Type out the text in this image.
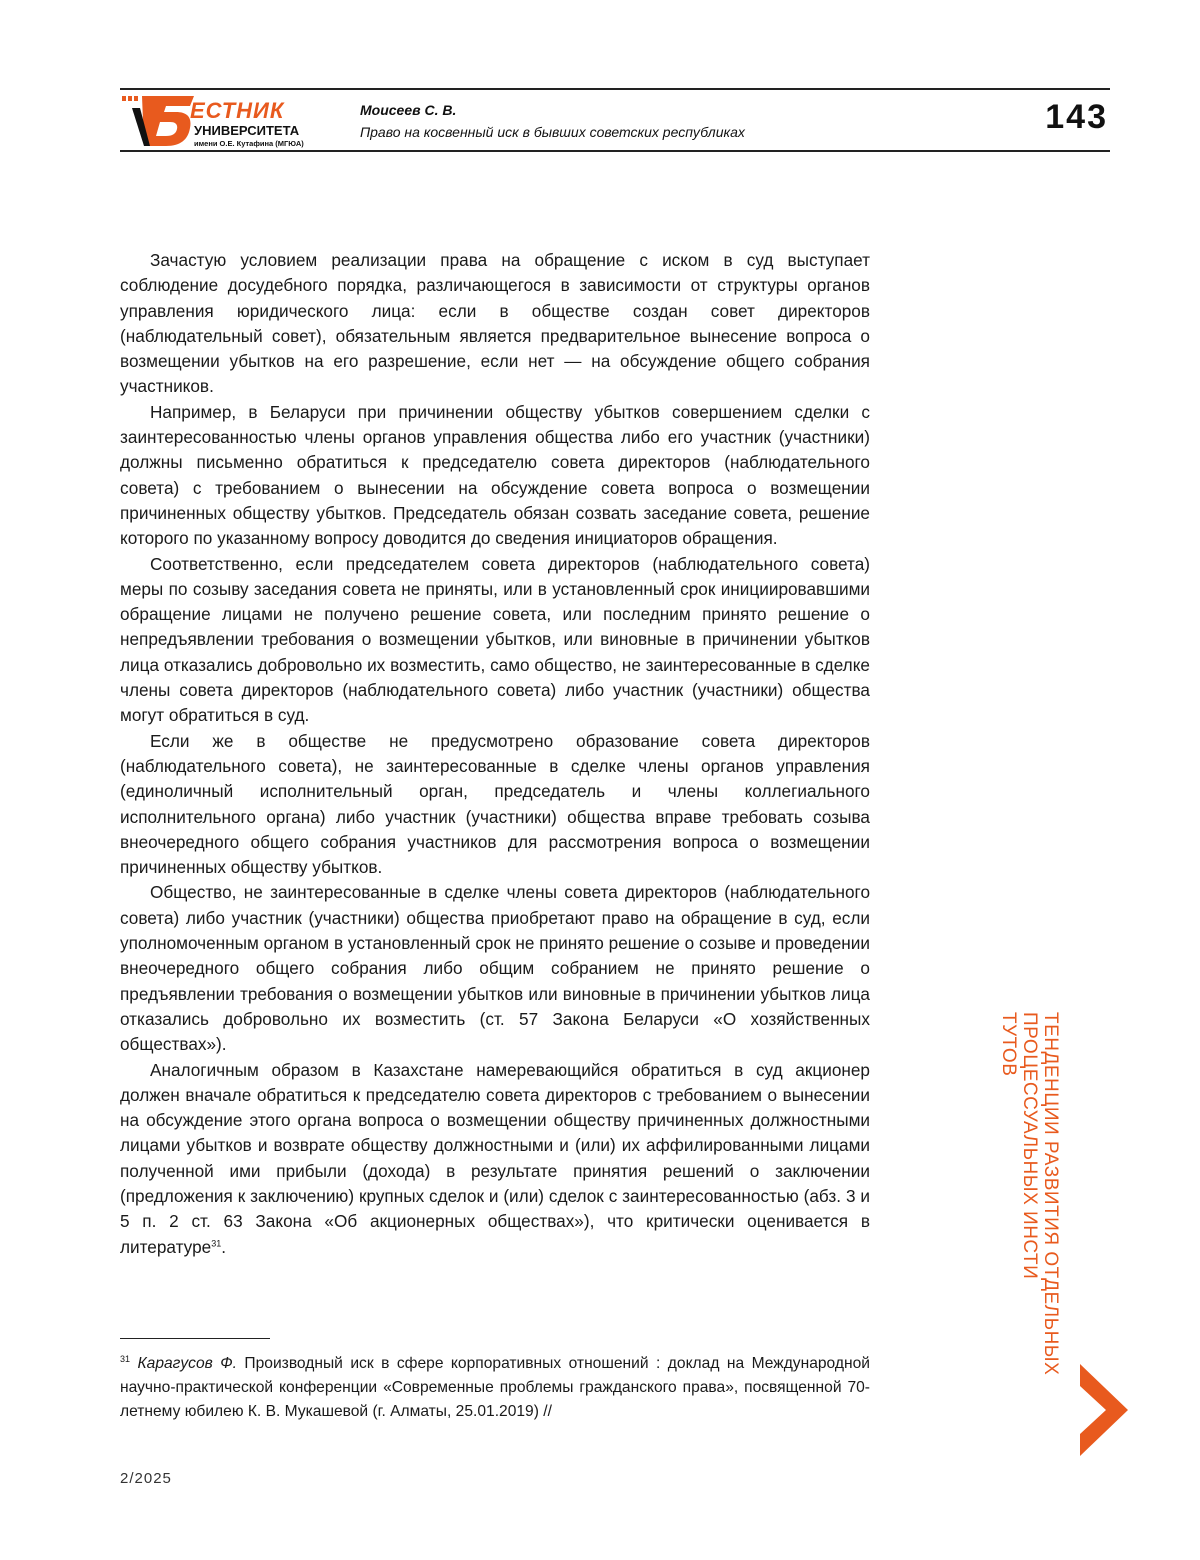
ЕСТНИК
УНИВЕРСИТЕТА
имени О.Е. Кутафина (МГЮА)
Моисеев С. В.
Право на косвенный иск в бывших советских республиках	143

Зачастую условием реализации права на обращение с иском в суд выступает соблюдение досудебного порядка, различающегося в зависимости от структуры органов управления юридического лица: если в обществе создан совет директоров (наблюдательный совет), обязательным является предварительное вынесение вопроса о возмещении убытков на его разрешение, если нет — на обсуждение общего собрания участников.

Например, в Беларуси при причинении обществу убытков совершением сделки с заинтересованностью члены органов управления общества либо его участник (участники) должны письменно обратиться к председателю совета директоров (наблюдательного совета) с требованием о вынесении на обсуждение совета вопроса о возмещении причиненных обществу убытков. Председатель обязан созвать заседание совета, решение которого по указанному вопросу доводится до сведения инициаторов обращения.

Соответственно, если председателем совета директоров (наблюдательного совета) меры по созыву заседания совета не приняты, или в установленный срок инициировавшими обращение лицами не получено решение совета, или последним принято решение о непредъявлении требования о возмещении убытков, или виновные в причинении убытков лица отказались добровольно их возместить, само общество, не заинтересованные в сделке члены совета директоров (наблюдательного совета) либо участник (участники) общества могут обратиться в суд.

Если же в обществе не предусмотрено образование совета директоров (наблюдательного совета), не заинтересованные в сделке члены органов управления (единоличный исполнительный орган, председатель и члены коллегиального исполнительного органа) либо участник (участники) общества вправе требовать созыва внеочередного общего собрания участников для рассмотрения вопроса о возмещении причиненных обществу убытков.

Общество, не заинтересованные в сделке члены совета директоров (наблюдательного совета) либо участник (участники) общества приобретают право на обращение в суд, если уполномоченным органом в установленный срок не принято решение о созыве и проведении внеочередного общего собрания либо общим собранием не принято решение о предъявлении требования о возмещении убытков или виновные в причинении убытков лица отказались добровольно их возместить (ст. 57 Закона Беларуси «О хозяйственных обществах»).

Аналогичным образом в Казахстане намеревающийся обратиться в суд акционер должен вначале обратиться к председателю совета директоров с требованием о вынесении на обсуждение этого органа вопроса о возмещении обществу причиненных должностными лицами убытков и возврате обществу должностными и (или) их аффилированными лицами полученной ими прибыли (дохода) в результате принятия решений о заключении (предложения к заключению) крупных сделок и (или) сделок с заинтересованностью (абз. 3 и 5 п. 2 ст. 63 Закона «Об акционерных обществах»), что критически оценивается в литературе31.

31 Карагусов Ф. Производный иск в сфере корпоративных отношений : доклад на Международной научно-практической конференции «Современные проблемы гражданского права», посвященной 70-летнему юбилею К. В. Мукашевой (г. Алматы, 25.01.2019) //
2/2025
ТЕНДЕНЦИИ РАЗВИТИЯ ОТДЕЛЬНЫХ
ПРОЦЕССУАЛЬНЫХ ИНСТИ
ТУТОВ
